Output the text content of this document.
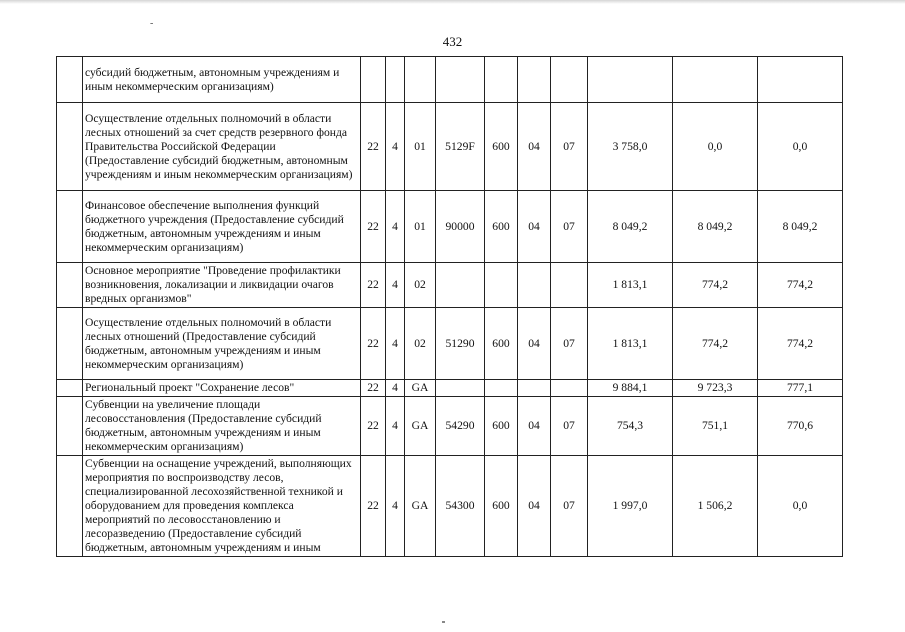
-
432
	субсидий бюджетным, автономным учреждениям и иным некоммерческим организациям)										
	Осуществление отдельных полномочий в области лесных отношений за счет средств резервного фонда Правительства Российской Федерации (Предоставление субсидий бюджетным, автономным учреждениям и иным некоммерческим организациям)	22	4	01	5129F	600	04	07	3 758,0	0,0	0,0
	Финансовое обеспечение выполнения функций бюджетного учреждения (Предоставление субсидий бюджетным, автономным учреждениям и иным некоммерческим организациям)	22	4	01	90000	600	04	07	8 049,2	8 049,2	8 049,2
	Основное мероприятие "Проведение профилактики возникновения, локализации и ликвидации очагов вредных организмов"	22	4	02					1 813,1	774,2	774,2
	Осуществление отдельных полномочий в области лесных отношений (Предоставление субсидий бюджетным, автономным учреждениям и иным некоммерческим организациям)	22	4	02	51290	600	04	07	1 813,1	774,2	774,2
	Региональный проект "Сохранение лесов"	22	4	GA					9 884,1	9 723,3	777,1
	Субвенции на увеличение площади лесовосстановления (Предоставление субсидий бюджетным, автономным учреждениям и иным некоммерческим организациям)	22	4	GA	54290	600	04	07	754,3	751,1	770,6
	Субвенции на оснащение учреждений, выполняющих мероприятия по воспроизводству лесов, специализированной лесохозяйственной техникой и оборудованием для проведения комплекса мероприятий по лесовосстановлению и лесоразведению (Предоставление субсидий бюджетным, автономным учреждениям и иным	22	4	GA	54300	600	04	07	1 997,0	1 506,2	0,0
